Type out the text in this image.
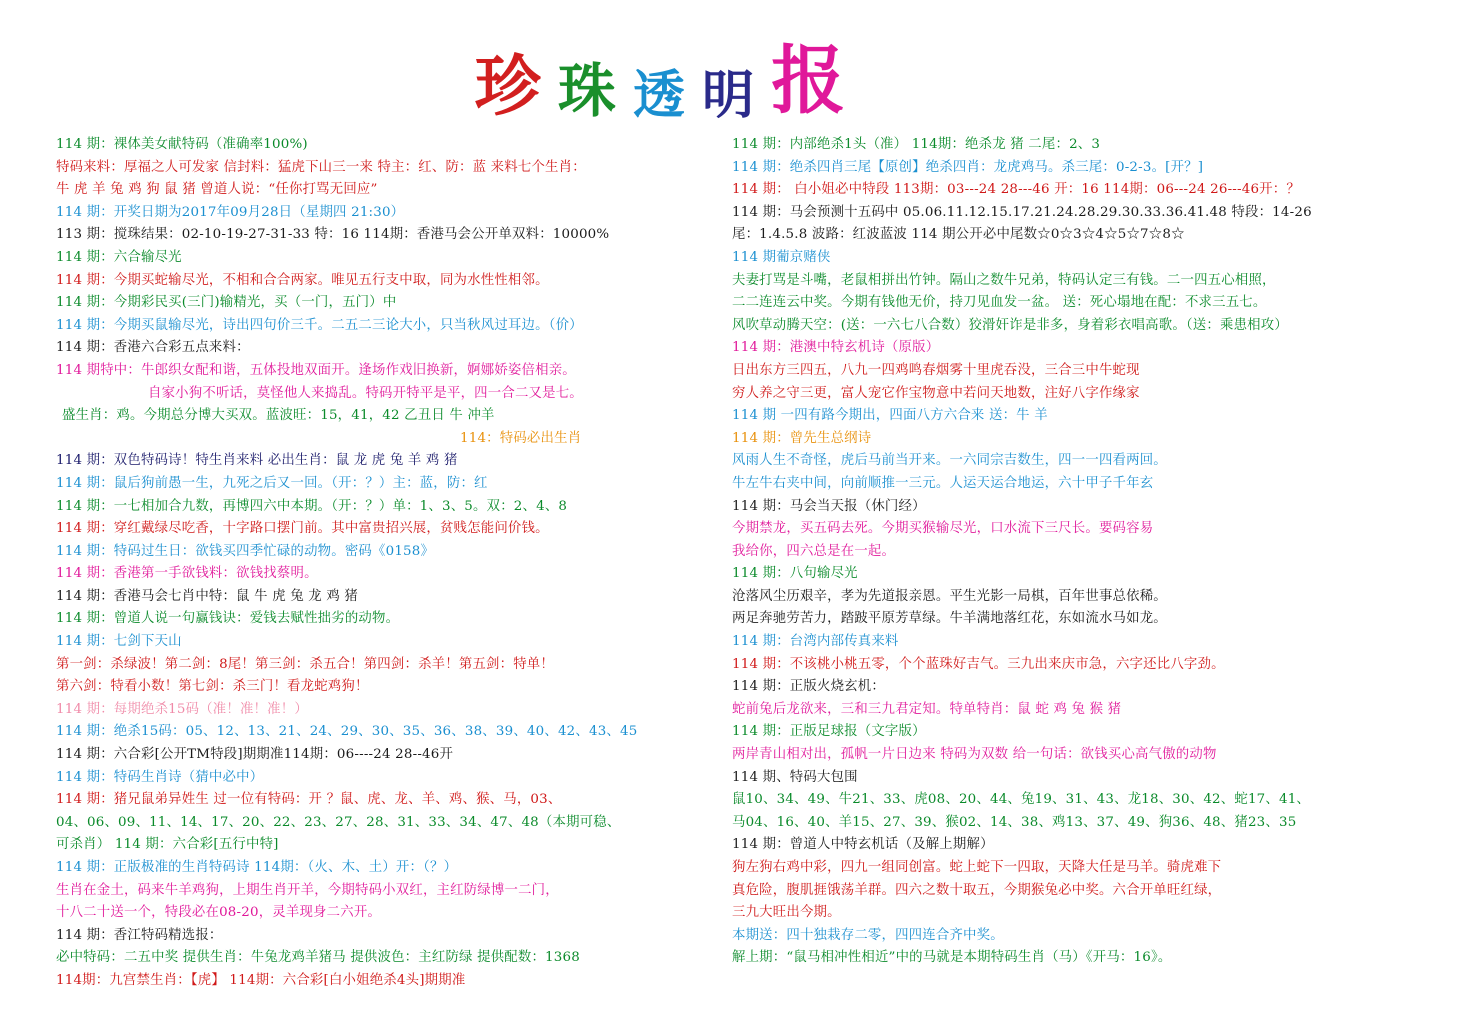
珍 珠 透 明 报
114 期：裸体美女献特码（准确率100%)
特码来料：厚福之人可发家 信封料：猛虎下山三一来 特主：红、防：蓝 来料七个生肖：
牛 虎 羊 兔 鸡 狗 鼠 猪 曾道人说：“任你打骂无回应”
114 期：开奖日期为2017年09月28日（星期四 21:30）
113 期：搅珠结果：02-10-19-27-31-33 特：16 114期：香港马会公开单双料：10000%
114 期：六合输尽光
114 期：今期买蛇输尽光，不相和合合两家。唯见五行支中取，同为水性性相邻。
114 期：今期彩民买(三门)输精光，买（一门，五门）中
114 期：今期买鼠输尽光，诗出四句价三千。二五二三论大小，只当秋风过耳边。（价）
114 期：香港六合彩五点来料：
114 期特中：牛郎织女配和谐，五体投地双面开。逢场作戏旧换新，婀娜娇姿倍相亲。
自家小狗不听话，莫怪他人来捣乱。特码开特平是平，四一合二又是七。
盛生肖：鸡。今期总分博大买双。蓝波旺：15，41，42 乙丑日 牛 冲羊
114：特码必出生肖
114 期：双色特码诗！特生肖来料 必出生肖：鼠 龙 虎 兔 羊 鸡 猪
114 期：鼠后狗前愚一生，九死之后又一回。（开：？）主：蓝，防：红
114 期：一七相加合九数，再博四六中本期。（开：？）单：1、3、5。双：2、4、8
114 期：穿红戴绿尽吃香，十字路口摆门前。其中富贵招兴展，贫贱怎能问价钱。
114 期：特码过生日：欲钱买四季忙碌的动物。密码《0158》
114 期：香港第一手欲钱料：欲钱找蔡明。
114 期：香港马会七肖中特：鼠 牛 虎 兔 龙 鸡 猪
114 期：曾道人说一句赢钱诀：爱钱去赋性拙劣的动物。
114 期：七剑下天山
第一剑：杀绿波！第二剑：8尾！第三剑：杀五合！第四剑：杀羊！第五剑：特单！
第六剑：特看小数！第七剑：杀三门！看龙蛇鸡狗！
114 期：每期绝杀15码（准！准！准！）
114 期：绝杀15码：05、12、13、21、24、29、30、35、36、38、39、40、42、43、45
114 期：六合彩[公开TM特段]期期准114期：06----24 28--46开
114 期：特码生肖诗（猜中必中）
114 期：猪兄鼠弟异姓生 过一位有特码：开 ？鼠、虎、龙、羊、鸡、猴、马，03、
04、06、09、11、14、17、20、22、23、27、28、31、33、34、47、48（本期可稳、
可杀肖） 114 期：六合彩[五行中特]
114 期：正版极准的生肖特码诗 114期：（火、木、土）开：（？）
生肖在金土，码来牛羊鸡狗，上期生肖开羊，今期特码小双红，主红防绿博一二门，
十八二十送一个，特段必在08-20，灵羊现身二六开。
114 期：香江特码精选报：
必中特码：二五中奖 提供生肖：牛兔龙鸡羊猪马 提供波色：主红防绿 提供配数：1368
114期：九宫禁生肖：【虎】 114期：六合彩[白小姐绝杀4头]期期准
114 期：内部绝杀1头（准） 114期：绝杀龙 猪 二尾：2、3
114 期：绝杀四肖三尾【原创】绝杀四肖：龙虎鸡马。杀三尾：0-2-3。[开？]
114 期： 白小姐必中特段 113期：03---24 28---46 开：16 114期：06---24 26---46开：？
114 期：马会预测十五码中 05.06.11.12.15.17.21.24.28.29.30.33.36.41.48 特段：14-26
尾：1.4.5.8 波路：红波蓝波 114 期公开必中尾数☆0☆3☆4☆5☆7☆8☆
114 期葡京赌侠
夫妻打骂是斗嘴，老鼠相拼出竹钟。隔山之数牛兄弟，特码认定三有钱。二一四五心相照，
二二连连云中奖。今期有钱他无价，持刀见血发一盆。 送：死心塌地在配：不求三五七。
风吹草动腾天空：(送：一六七八合数）狡滑奸诈是非多，身着彩衣唱高歌。（送：乘患相攻）
114 期：港澳中特玄机诗（原版）
日出东方三四五，八九一四鸡鸣春烟雾十里虎吞没，三合三中牛蛇现
穷人养之守三更，富人宠它作宝物意中若问天地数，注好八字作缘家
114 期 一四有路今期出，四面八方六合来 送：牛 羊
114 期：曾先生总纲诗
风雨人生不奇怪，虎后马前当开来。一六同宗吉数生，四一一四看两回。
牛左牛右夹中间，向前顺推一三元。人运天运合地运，六十甲子千年玄
114 期：马会当天报（休门经）
今期禁龙，买五码去死。今期买猴输尽光，口水流下三尺长。要码容易
我给你，四六总是在一起。
114 期：八句输尽光
沧落风尘历艰辛，孝为先道报亲恩。平生光影一局棋，百年世事总依稀。
两足奔驰劳苦力，踏跛平原芳草绿。牛羊满地落红花，东如流水马如龙。
114 期：台湾内部传真来料
114 期：不该桃小桃五零，个个蓝珠好吉气。三九出来庆市急，六字还比八字劲。
114 期：正版火烧玄机：
蛇前兔后龙欲来，三和三九君定知。特单特肖：鼠 蛇 鸡 兔 猴 猪
114 期：正版足球报（文字版）
两岸青山相对出，孤帆一片日边来 特码为双数 给一句话：欲钱买心高气傲的动物
114 期、特码大包围
鼠10、34、49、牛21、33、虎08、20、44、兔19、31、43、龙18、30、42、蛇17、41、
马04、16、40、羊15、27、39、猴02、14、38、鸡13、37、49、狗36、48、猪23、35
114 期：曾道人中特玄机话（及解上期解）
狗左狗右鸡中彩，四九一组同创富。蛇上蛇下一四取，天降大任是马羊。骑虎难下
真危险，腹肌捱饿荡羊群。四六之数十取五，今期猴兔必中奖。六合开单旺红绿，
三九大旺出今期。
本期送：四十独栽存二零，四四连合齐中奖。
解上期：“鼠马相冲性相近”中的马就是本期特码生肖（马）《开马：16》。
